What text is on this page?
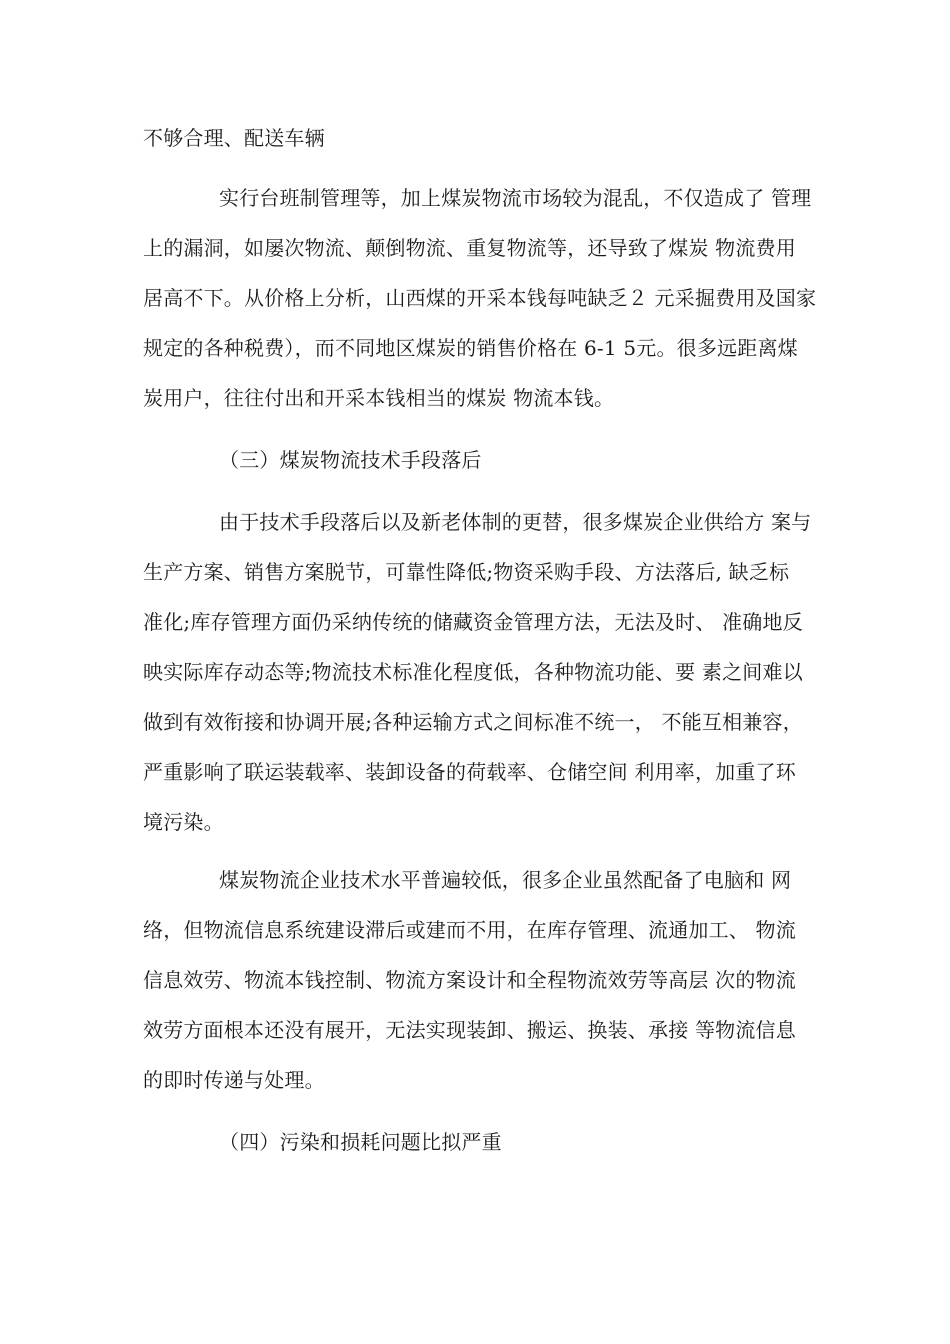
不够合理、配送车辆
实行台班制管理等，加上煤炭物流市场较为混乱，不仅造成了 管理
上的漏洞，如屡次物流、颠倒物流、重复物流等，还导致了煤炭 物流费用
居高不下。从价格上分析，山西煤的开采本钱每吨缺乏２ 元采掘费用及国家
规定的各种税费），而不同地区煤炭的销售价格在 6-1 5元。很多远距离煤
炭用户，往往付出和开采本钱相当的煤炭 物流本钱。
（三）煤炭物流技术手段落后
由于技术手段落后以及新老体制的更替，很多煤炭企业供给方 案与
生产方案、销售方案脱节，可靠性降低;物资采购手段、方法落后, 缺乏标
准化;库存管理方面仍采纳传统的储藏资金管理方法，无法及时、 准确地反
映实际库存动态等;物流技术标准化程度低，各种物流功能、要 素之间难以
做到有效衔接和协调开展;各种运输方式之间标准不统一， 不能互相兼容，
严重影响了联运装载率、装卸设备的荷载率、仓储空间 利用率，加重了环
境污染。
煤炭物流企业技术水平普遍较低，很多企业虽然配备了电脑和 网
络，但物流信息系统建设滞后或建而不用，在库存管理、流通加工、 物流
信息效劳、物流本钱控制、物流方案设计和全程物流效劳等高层 次的物流
效劳方面根本还没有展开，无法实现装卸、搬运、换装、承接 等物流信息
的即时传递与处理。
（四）污染和损耗问题比拟严重
